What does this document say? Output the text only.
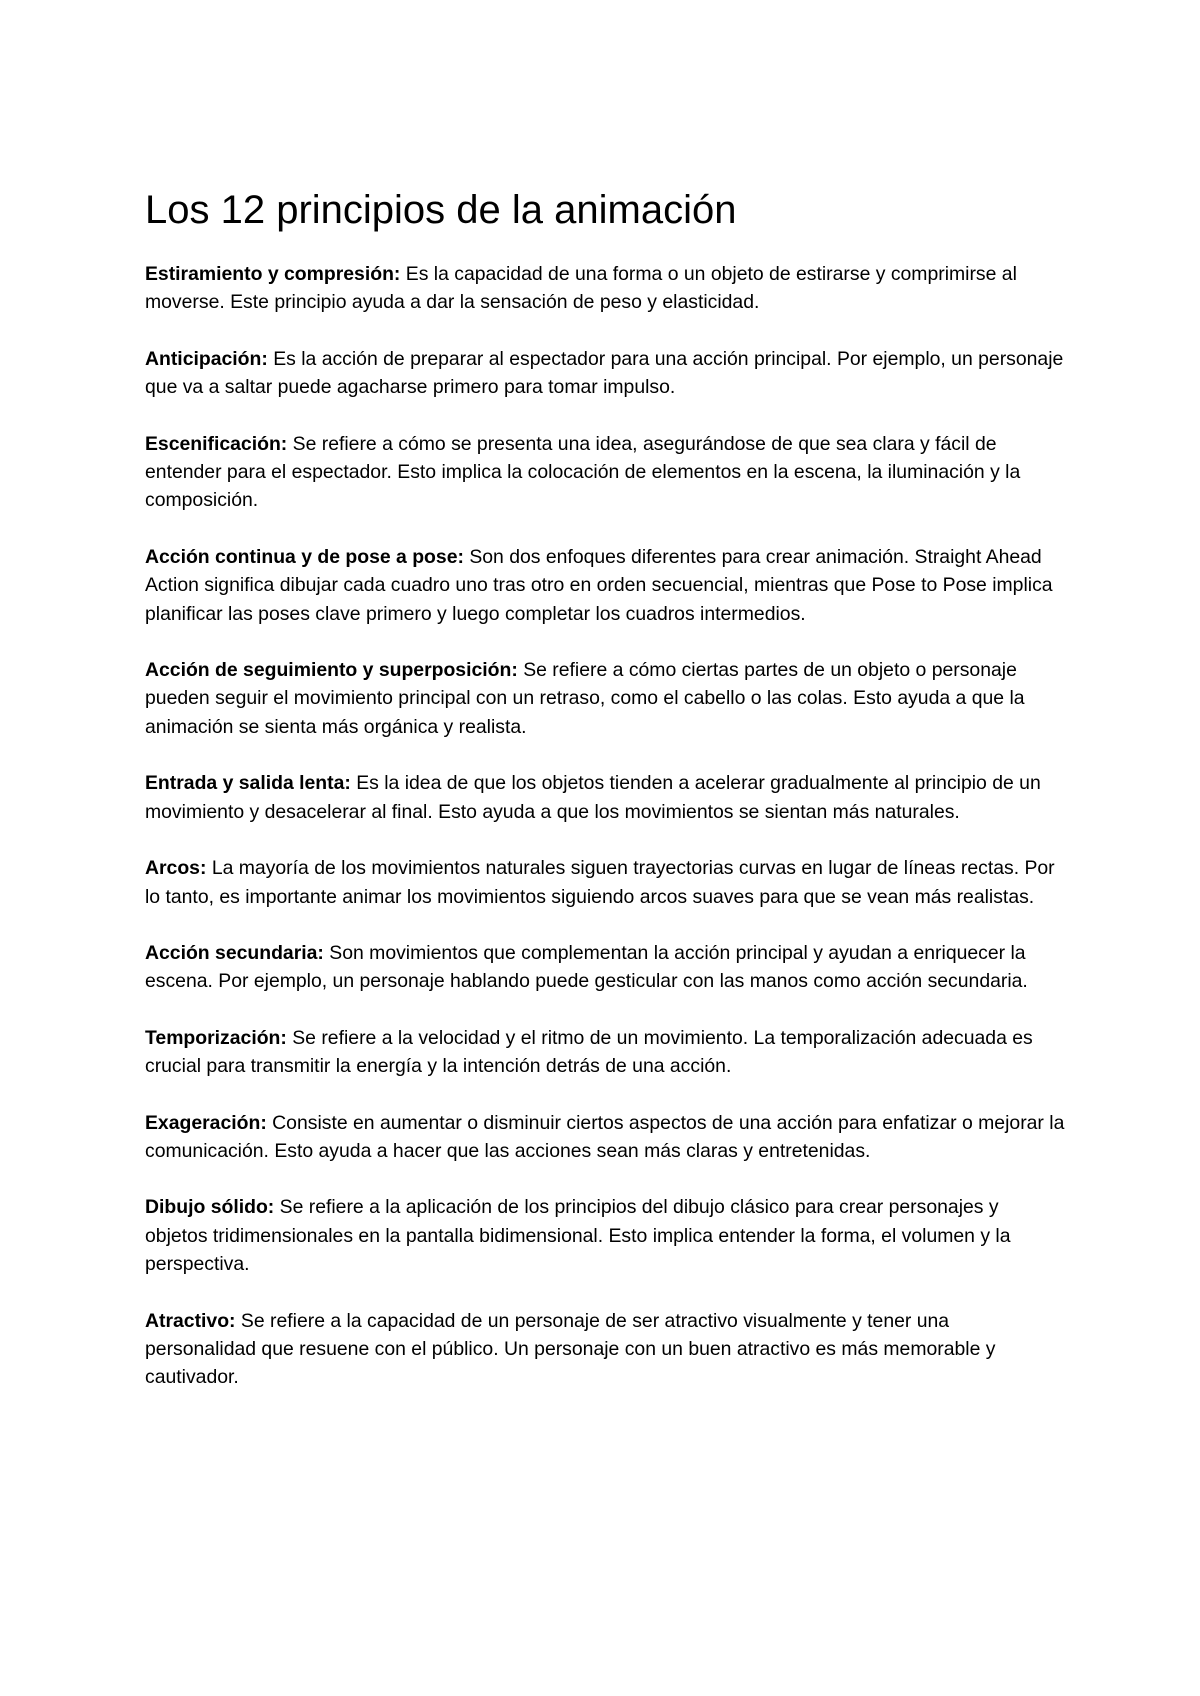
Los 12 principios de la animación

Estiramiento y compresión: Es la capacidad de una forma o un objeto de estirarse y comprimirse al moverse. Este principio ayuda a dar la sensación de peso y elasticidad.

Anticipación: Es la acción de preparar al espectador para una acción principal. Por ejemplo, un personaje que va a saltar puede agacharse primero para tomar impulso.

Escenificación: Se refiere a cómo se presenta una idea, asegurándose de que sea clara y fácil de entender para el espectador. Esto implica la colocación de elementos en la escena, la iluminación y la composición.

Acción continua y de pose a pose: Son dos enfoques diferentes para crear animación. Straight Ahead Action significa dibujar cada cuadro uno tras otro en orden secuencial, mientras que Pose to Pose implica planificar las poses clave primero y luego completar los cuadros intermedios.

Acción de seguimiento y superposición: Se refiere a cómo ciertas partes de un objeto o personaje pueden seguir el movimiento principal con un retraso, como el cabello o las colas. Esto ayuda a que la animación se sienta más orgánica y realista.

Entrada y salida lenta: Es la idea de que los objetos tienden a acelerar gradualmente al principio de un movimiento y desacelerar al final. Esto ayuda a que los movimientos se sientan más naturales.

Arcos: La mayoría de los movimientos naturales siguen trayectorias curvas en lugar de líneas rectas. Por lo tanto, es importante animar los movimientos siguiendo arcos suaves para que se vean más realistas.

Acción secundaria: Son movimientos que complementan la acción principal y ayudan a enriquecer la escena. Por ejemplo, un personaje hablando puede gesticular con las manos como acción secundaria.

Temporización: Se refiere a la velocidad y el ritmo de un movimiento. La temporalización adecuada es crucial para transmitir la energía y la intención detrás de una acción.

Exageración: Consiste en aumentar o disminuir ciertos aspectos de una acción para enfatizar o mejorar la comunicación. Esto ayuda a hacer que las acciones sean más claras y entretenidas.

Dibujo sólido: Se refiere a la aplicación de los principios del dibujo clásico para crear personajes y objetos tridimensionales en la pantalla bidimensional. Esto implica entender la forma, el volumen y la perspectiva.

Atractivo: Se refiere a la capacidad de un personaje de ser atractivo visualmente y tener una personalidad que resuene con el público. Un personaje con un buen atractivo es más memorable y cautivador.
